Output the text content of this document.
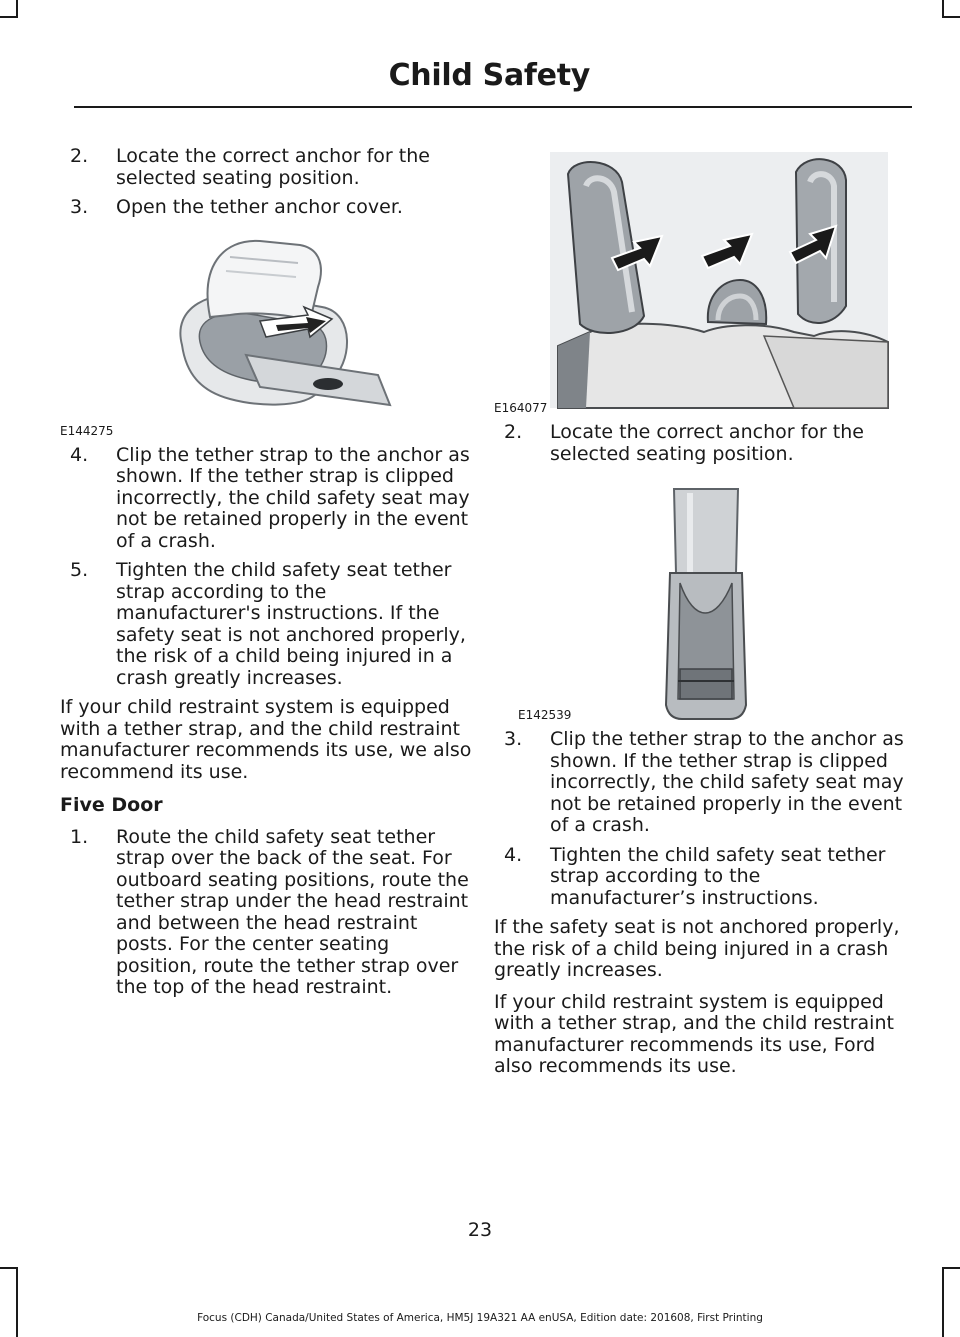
Child Safety
2. Locate the correct anchor for the selected seating position.
3. Open the tether anchor cover.
E144275
4. Clip the tether strap to the anchor as shown. If the tether strap is clipped incorrectly, the child safety seat may not be retained properly in the event of a crash.
5. Tighten the child safety seat tether strap according to the manufacturer's instructions. If the safety seat is not anchored properly, the risk of a child being injured in a crash greatly increases.

If your child restraint system is equipped with a tether strap, and the child restraint manufacturer recommends its use, we also recommend its use.

Five Door
1. Route the child safety seat tether strap over the back of the seat. For outboard seating positions, route the tether strap under the head restraint and between the head restraint posts. For the center seating position, route the tether strap over the top of the head restraint.
E164077
2. Locate the correct anchor for the selected seating position.
E142539
3. Clip the tether strap to the anchor as shown. If the tether strap is clipped incorrectly, the child safety seat may not be retained properly in the event of a crash.
4. Tighten the child safety seat tether strap according to the manufacturer’s instructions.

If the safety seat is not anchored properly, the risk of a child being injured in a crash greatly increases.

If your child restraint system is equipped with a tether strap, and the child restraint manufacturer recommends its use, Ford also recommends its use.

23
Focus (CDH) Canada/United States of America, HM5J 19A321 AA enUSA, Edition date: 201608, First Printing
